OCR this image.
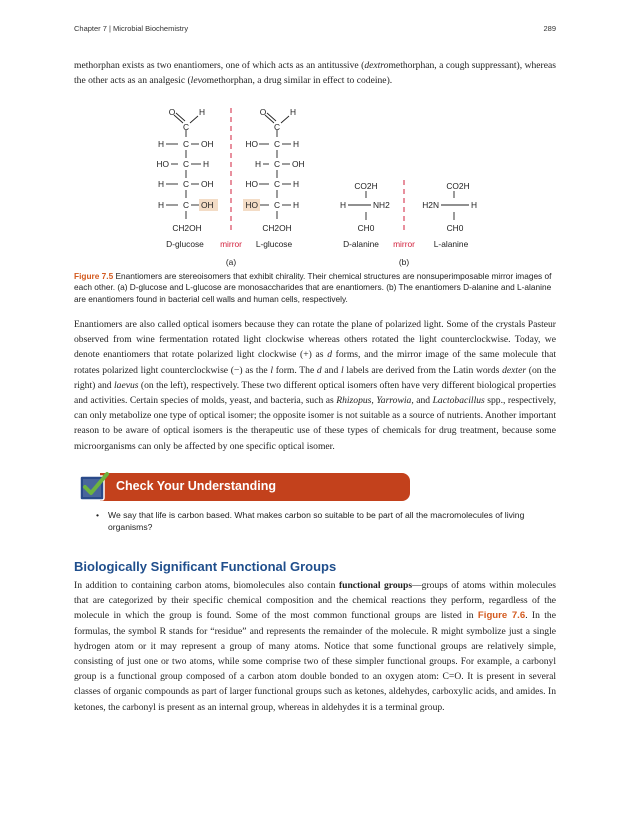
Chapter 7 | Microbial Biochemistry	289
methorphan exists as two enantiomers, one of which acts as an antitussive (dextromethorphan, a cough suppressant), whereas the other acts as an analgesic (levomethorphan, a drug similar in effect to codeine).
O	H
C
H C OH
HO C H
H C OH
H C OH
CH2OH
O	H
C
HO C H
H C OH
HO C H
HO C H
CH2OH
CO2H
H	NH2
CH0
CO2H
H2N	H
CH0
D-glucose mirror L-glucose	D-alanine mirror L-alanine
(a)	(b)
Figure 7.5 Enantiomers are stereoisomers that exhibit chirality. Their chemical structures are nonsuperimposable mirror images of each other. (a) D-glucose and L-glucose are monosaccharides that are enantiomers. (b) The enantiomers D-alanine and L-alanine are enantiomers found in bacterial cell walls and human cells, respectively.
Enantiomers are also called optical isomers because they can rotate the plane of polarized light. Some of the crystals Pasteur observed from wine fermentation rotated light clockwise whereas others rotated the light counterclockwise. Today, we denote enantiomers that rotate polarized light clockwise (+) as d forms, and the mirror image of the same molecule that rotates polarized light counterclockwise (−) as the l form. The d and l labels are derived from the Latin words dexter (on the right) and laevus (on the left), respectively. These two different optical isomers often have very different biological properties and activities. Certain species of molds, yeast, and bacteria, such as Rhizopus, Yarrowia, and Lactobacillus spp., respectively, can only metabolize one type of optical isomer; the opposite isomer is not suitable as a source of nutrients. Another important reason to be aware of optical isomers is the therapeutic use of these types of chemicals for drug treatment, because some microorganisms can only be affected by one specific optical isomer.
Check Your Understanding
•	We say that life is carbon based. What makes carbon so suitable to be part of all the macromolecules of living organisms?
Biologically Significant Functional Groups
In addition to containing carbon atoms, biomolecules also contain functional groups—groups of atoms within molecules that are categorized by their specific chemical composition and the chemical reactions they perform, regardless of the molecule in which the group is found. Some of the most common functional groups are listed in Figure 7.6. In the formulas, the symbol R stands for “residue” and represents the remainder of the molecule. R might symbolize just a single hydrogen atom or it may represent a group of many atoms. Notice that some functional groups are relatively simple, consisting of just one or two atoms, while some comprise two of these simpler functional groups. For example, a carbonyl group is a functional group composed of a carbon atom double bonded to an oxygen atom: C=O. It is present in several classes of organic compounds as part of larger functional groups such as ketones, aldehydes, carboxylic acids, and amides. In ketones, the carbonyl is present as an internal group, whereas in aldehydes it is a terminal group.
